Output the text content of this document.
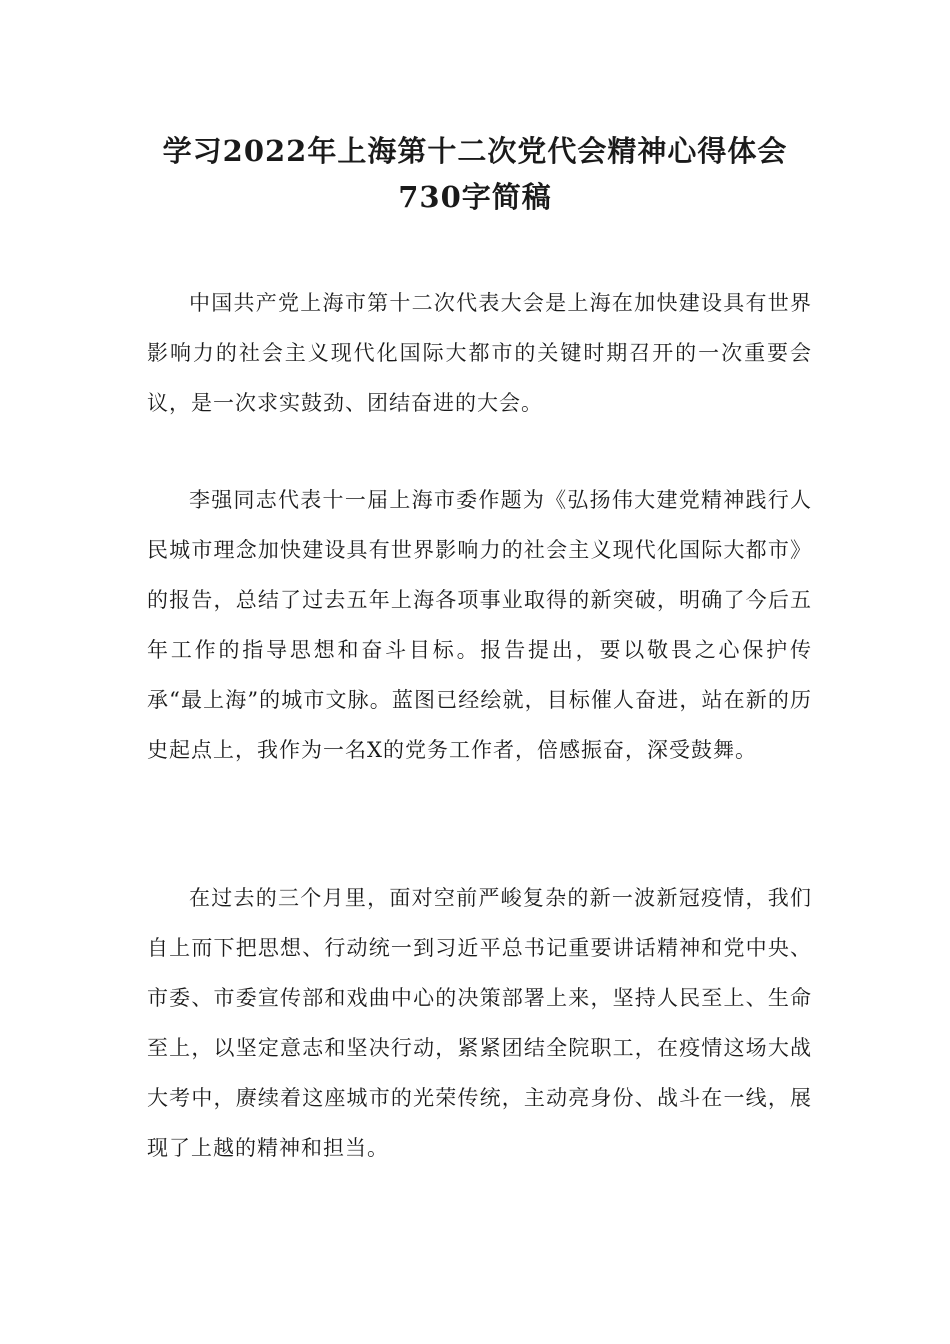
学习2022年上海第十二次党代会精神心得体会730字简稿

中国共产党上海市第十二次代表大会是上海在加快建设具有世界影响力的社会主义现代化国际大都市的关键时期召开的一次重要会议，是一次求实鼓劲、团结奋进的大会。

李强同志代表十一届上海市委作题为《弘扬伟大建党精神践行人民城市理念加快建设具有世界影响力的社会主义现代化国际大都市》的报告，总结了过去五年上海各项事业取得的新突破，明确了今后五年工作的指导思想和奋斗目标。报告提出，要以敬畏之心保护传承“最上海”的城市文脉。蓝图已经绘就，目标催人奋进，站在新的历史起点上，我作为一名X的党务工作者，倍感振奋，深受鼓舞。

在过去的三个月里，面对空前严峻复杂的新一波新冠疫情，我们自上而下把思想、行动统一到习近平总书记重要讲话精神和党中央、市委、市委宣传部和戏曲中心的决策部署上来，坚持人民至上、生命至上，以坚定意志和坚决行动，紧紧团结全院职工，在疫情这场大战大考中，赓续着这座城市的光荣传统，主动亮身份、战斗在一线，展现了上越的精神和担当。
